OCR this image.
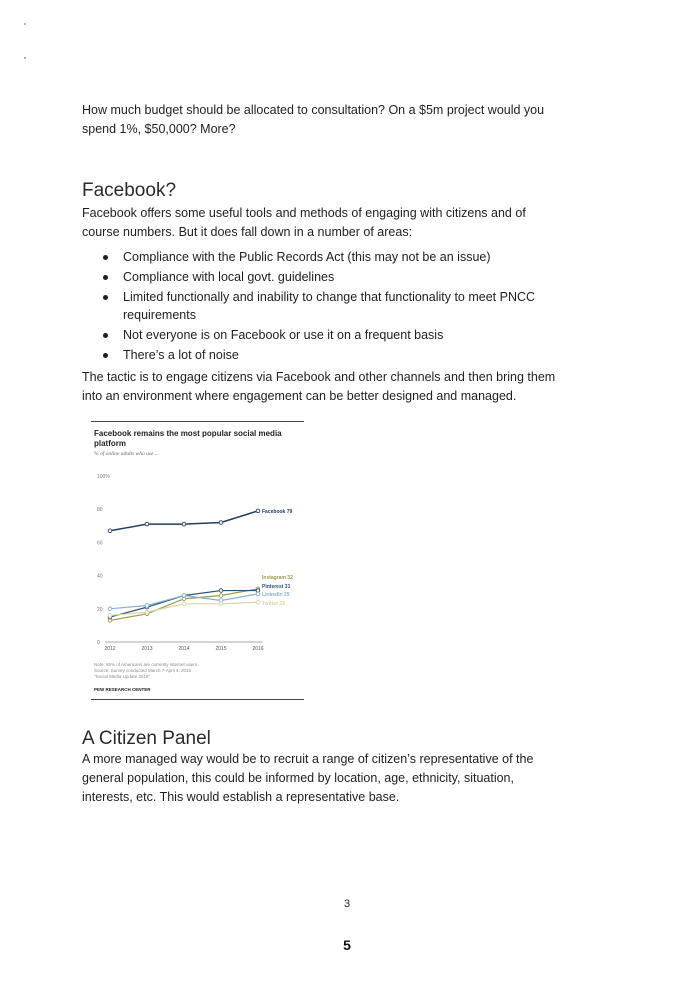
How much budget should be allocated to consultation? On a $5m project would you spend 1%, $50,000? More?

Facebook?

Facebook offers some useful tools and methods of engaging with citizens and of course numbers. But it does fall down in a number of areas:

Compliance with the Public Records Act (this may not be an issue)
Compliance with local govt. guidelines
Limited functionally and inability to change that functionality to meet PNCC requirements
Not everyone is on Facebook or use it on a frequent basis
There’s a lot of noise

The tactic is to engage citizens via Facebook and other channels and then bring them into an environment where engagement can be better designed and managed.

Facebook remains the most popular social media platform
% of online adults who use ...
0
20
40
60
80
100%
2012	2013	2014	2015	2016
Facebook 79
Instagram 32
Pinterest 31
LinkedIn 29
Twitter 24
Note: 86% of Americans are currently internet users
Source: Survey conducted March 7-April 4, 2016
"Social Media Update 2016"
PEW RESEARCH CENTER
A Citizen Panel

A more managed way would be to recruit a range of citizen’s representative of the general population, this could be informed by location, age, ethnicity, situation, interests, etc. This would establish a representative base.

3
5
